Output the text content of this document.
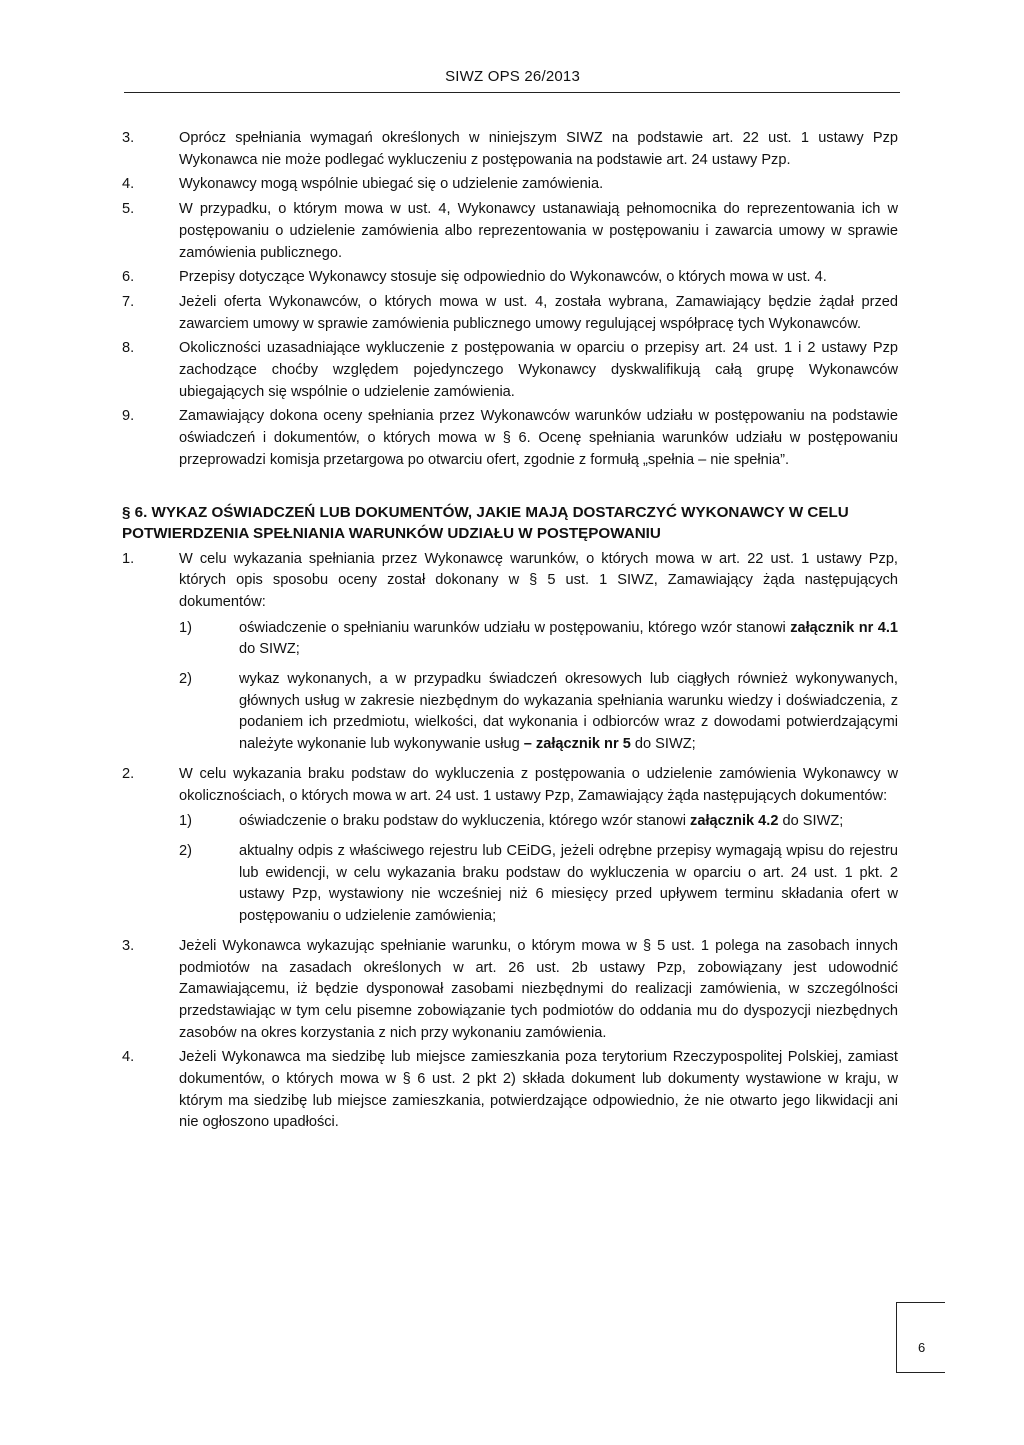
SIWZ OPS 26/2013
3.	Oprócz spełniania wymagań określonych w niniejszym SIWZ na podstawie art. 22 ust. 1 ustawy Pzp Wykonawca nie może podlegać wykluczeniu z postępowania na podstawie art. 24 ustawy Pzp.
4.	Wykonawcy mogą wspólnie ubiegać się o udzielenie zamówienia.
5.	W przypadku, o którym mowa w ust. 4, Wykonawcy ustanawiają pełnomocnika do reprezentowania ich w postępowaniu o udzielenie zamówienia albo reprezentowania w postępowaniu i zawarcia umowy w sprawie zamówienia publicznego.
6.	Przepisy dotyczące Wykonawcy stosuje się odpowiednio do Wykonawców, o których mowa w ust. 4.
7.	Jeżeli oferta Wykonawców, o których mowa w ust. 4, została wybrana, Zamawiający będzie żądał przed zawarciem umowy w sprawie zamówienia publicznego umowy regulującej współpracę tych Wykonawców.
8.	Okoliczności uzasadniające wykluczenie z postępowania w oparciu o przepisy art. 24 ust. 1 i 2 ustawy Pzp zachodzące choćby względem pojedynczego Wykonawcy dyskwalifikują całą grupę Wykonawców ubiegających się wspólnie o udzielenie zamówienia.
9.	Zamawiający dokona oceny spełniania przez Wykonawców warunków udziału w postępowaniu na podstawie oświadczeń i dokumentów, o których mowa w § 6. Ocenę spełniania warunków udziału w postępowaniu przeprowadzi komisja przetargowa po otwarciu ofert, zgodnie z formułą „spełnia – nie spełnia”.
§ 6. WYKAZ OŚWIADCZEŃ LUB DOKUMENTÓW, JAKIE MAJĄ DOSTARCZYĆ WYKONAWCY W CELU POTWIERDZENIA SPEŁNIANIA WARUNKÓW UDZIAŁU W POSTĘPOWANIU
1.	W celu wykazania spełniania przez Wykonawcę warunków, o których mowa w art. 22 ust. 1 ustawy Pzp, których opis sposobu oceny został dokonany w § 5 ust. 1 SIWZ, Zamawiający żąda następujących dokumentów:
1)	oświadczenie o spełnianiu warunków udziału w postępowaniu, którego wzór stanowi załącznik nr 4.1 do SIWZ;
2)	wykaz wykonanych, a w przypadku świadczeń okresowych lub ciągłych również wykonywanych, głównych usług w zakresie niezbędnym do wykazania spełniania warunku wiedzy i doświadczenia, z podaniem ich przedmiotu, wielkości, dat wykonania i odbiorców wraz z dowodami potwierdzającymi należyte wykonanie lub wykonywanie usług – załącznik nr 5 do SIWZ;
2.	W celu wykazania braku podstaw do wykluczenia z postępowania o udzielenie zamówienia Wykonawcy w okolicznościach, o których mowa w art. 24 ust. 1 ustawy Pzp, Zamawiający żąda następujących dokumentów:
1)	oświadczenie o braku podstaw do wykluczenia, którego wzór stanowi załącznik 4.2 do SIWZ;
2)	aktualny odpis z właściwego rejestru lub CEiDG, jeżeli odrębne przepisy wymagają wpisu do rejestru lub ewidencji, w celu wykazania braku podstaw do wykluczenia w oparciu o art. 24 ust. 1 pkt. 2 ustawy Pzp, wystawiony nie wcześniej niż 6 miesięcy przed upływem terminu składania ofert w postępowaniu o udzielenie zamówienia;
3.	Jeżeli Wykonawca wykazując spełnianie warunku, o którym mowa w § 5 ust. 1 polega na zasobach innych podmiotów na zasadach określonych w art. 26 ust. 2b ustawy Pzp, zobowiązany jest udowodnić Zamawiającemu, iż będzie dysponował zasobami niezbędnymi do realizacji zamówienia, w szczególności przedstawiając w tym celu pisemne zobowiązanie tych podmiotów do oddania mu do dyspozycji niezbędnych zasobów na okres korzystania z nich przy wykonaniu zamówienia.
4.	Jeżeli Wykonawca ma siedzibę lub miejsce zamieszkania poza terytorium Rzeczypospolitej Polskiej, zamiast dokumentów, o których mowa w § 6 ust. 2 pkt 2) składa dokument lub dokumenty wystawione w kraju, w którym ma siedzibę lub miejsce zamieszkania, potwierdzające odpowiednio, że nie otwarto jego likwidacji ani nie ogłoszono upadłości.
6
